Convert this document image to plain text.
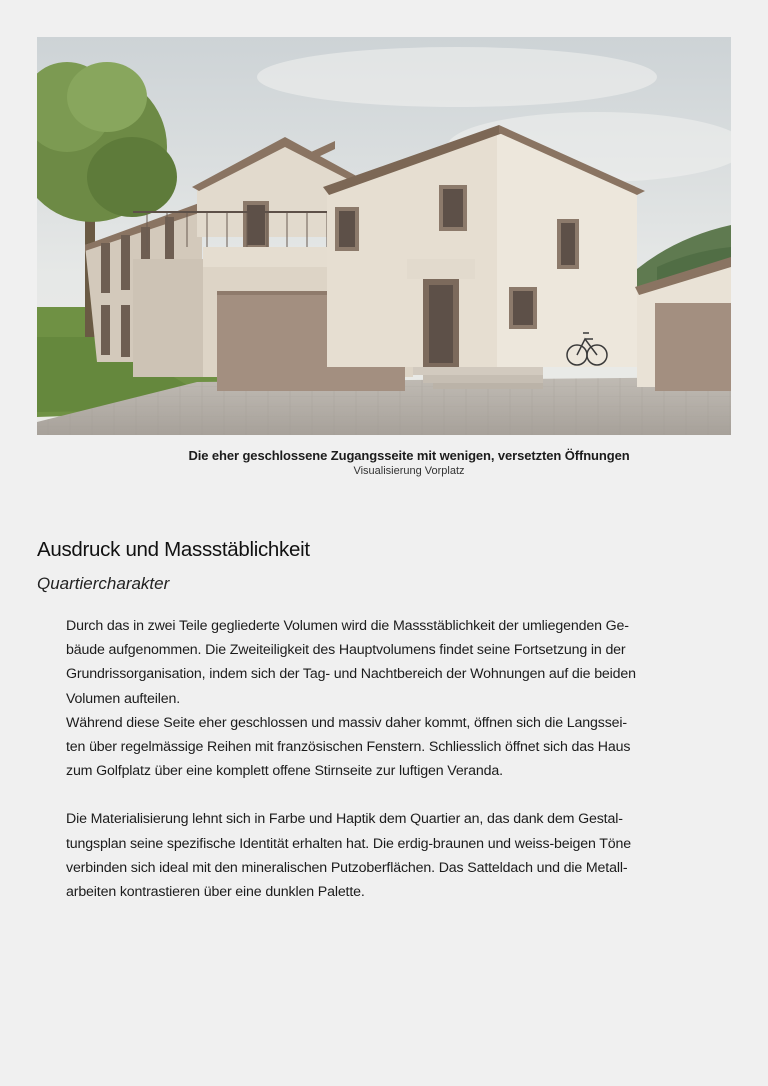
Die eher geschlossene Zugangsseite mit wenigen, versetzten Öffnungen
Visualisierung Vorplatz
Ausdruck und Massstäblichkeit
Quartiercharakter

Durch das in zwei Teile gegliederte Volumen wird die Massstäblichkeit der umliegenden Ge-
bäude aufgenommen. Die Zweiteiligkeit des Hauptvolumens findet seine Fortsetzung in der
Grundrissorganisation, indem sich der Tag- und Nachtbereich der Wohnungen auf die beiden
Volumen aufteilen.

Während diese Seite eher geschlossen und massiv daher kommt, öffnen sich die Langssei-
ten über regelmässige Reihen mit französischen Fenstern. Schliesslich öffnet sich das Haus
zum Golfplatz über eine komplett offene Stirnseite zur luftigen Veranda.

Die Materialisierung lehnt sich in Farbe und Haptik dem Quartier an, das dank dem Gestal-
tungsplan seine spezifische Identität erhalten hat. Die erdig-braunen und weiss-beigen Töne
verbinden sich ideal mit den mineralischen Putzoberflächen. Das Satteldach und die Metall-
arbeiten kontrastieren über eine dunklen Palette.
